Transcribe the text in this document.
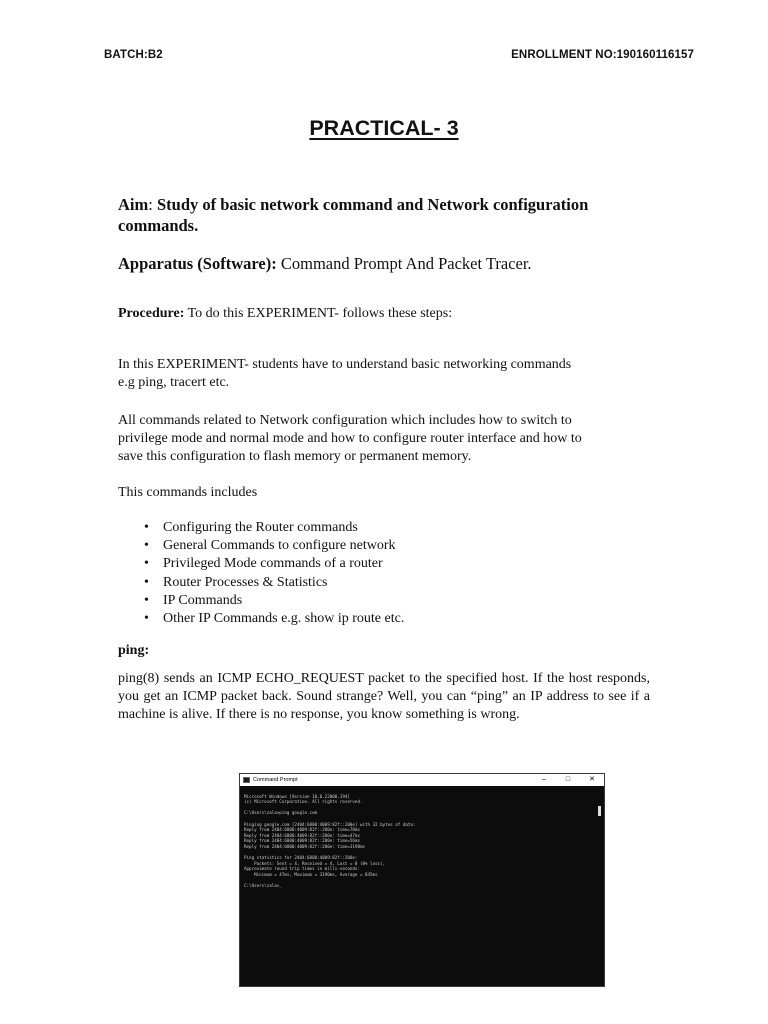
BATCH:B2	ENROLLMENT NO:190160116157
PRACTICAL- 3
Aim: Study of basic network command and Network configuration commands.
Apparatus (Software): Command Prompt And Packet Tracer.
Procedure: To do this EXPERIMENT- follows these steps:
In this EXPERIMENT- students have to understand basic networking commands
e.g ping, tracert etc.
All commands related to Network configuration which includes how to switch to
privilege mode and normal mode and how to configure router interface and how to
save this configuration to flash memory or permanent memory.
This commands includes
• Configuring the Router commands
• General Commands to configure network
• Privileged Mode commands of a router
• Router Processes & Statistics
• IP Commands
• Other IP Commands e.g. show ip route etc.
ping:
ping(8) sends an ICMP ECHO_REQUEST packet to the specified host. If the host responds, you get an ICMP packet back. Sound strange? Well, you can “ping” an IP address to see if a machine is alive. If there is no response, you know something is wrong.
Command Prompt	–	□	✕

Microsoft Windows [Version 10.0.22000.194]
(c) Microsoft Corporation. All rights reserved.

C:\Users\zala>ping google.com

Pinging google.com [2404:6800:4009:82f::200e] with 32 bytes of data:
Reply from 2404:6800:4009:82f::200e: time=78ms
Reply from 2404:6800:4009:82f::200e: time=47ms
Reply from 2404:6800:4009:82f::200e: time=56ms
Reply from 2404:6800:4009:82f::200e: time=3190ms

Ping statistics for 2404:6800:4009:82f::200e:
Packets: Sent = 4, Received = 4, Lost = 0 (0% loss),
Approximate round trip times in milli-seconds:
Minimum = 47ms, Maximum = 3190ms, Average = 845ms

C:\Users\zala>_
